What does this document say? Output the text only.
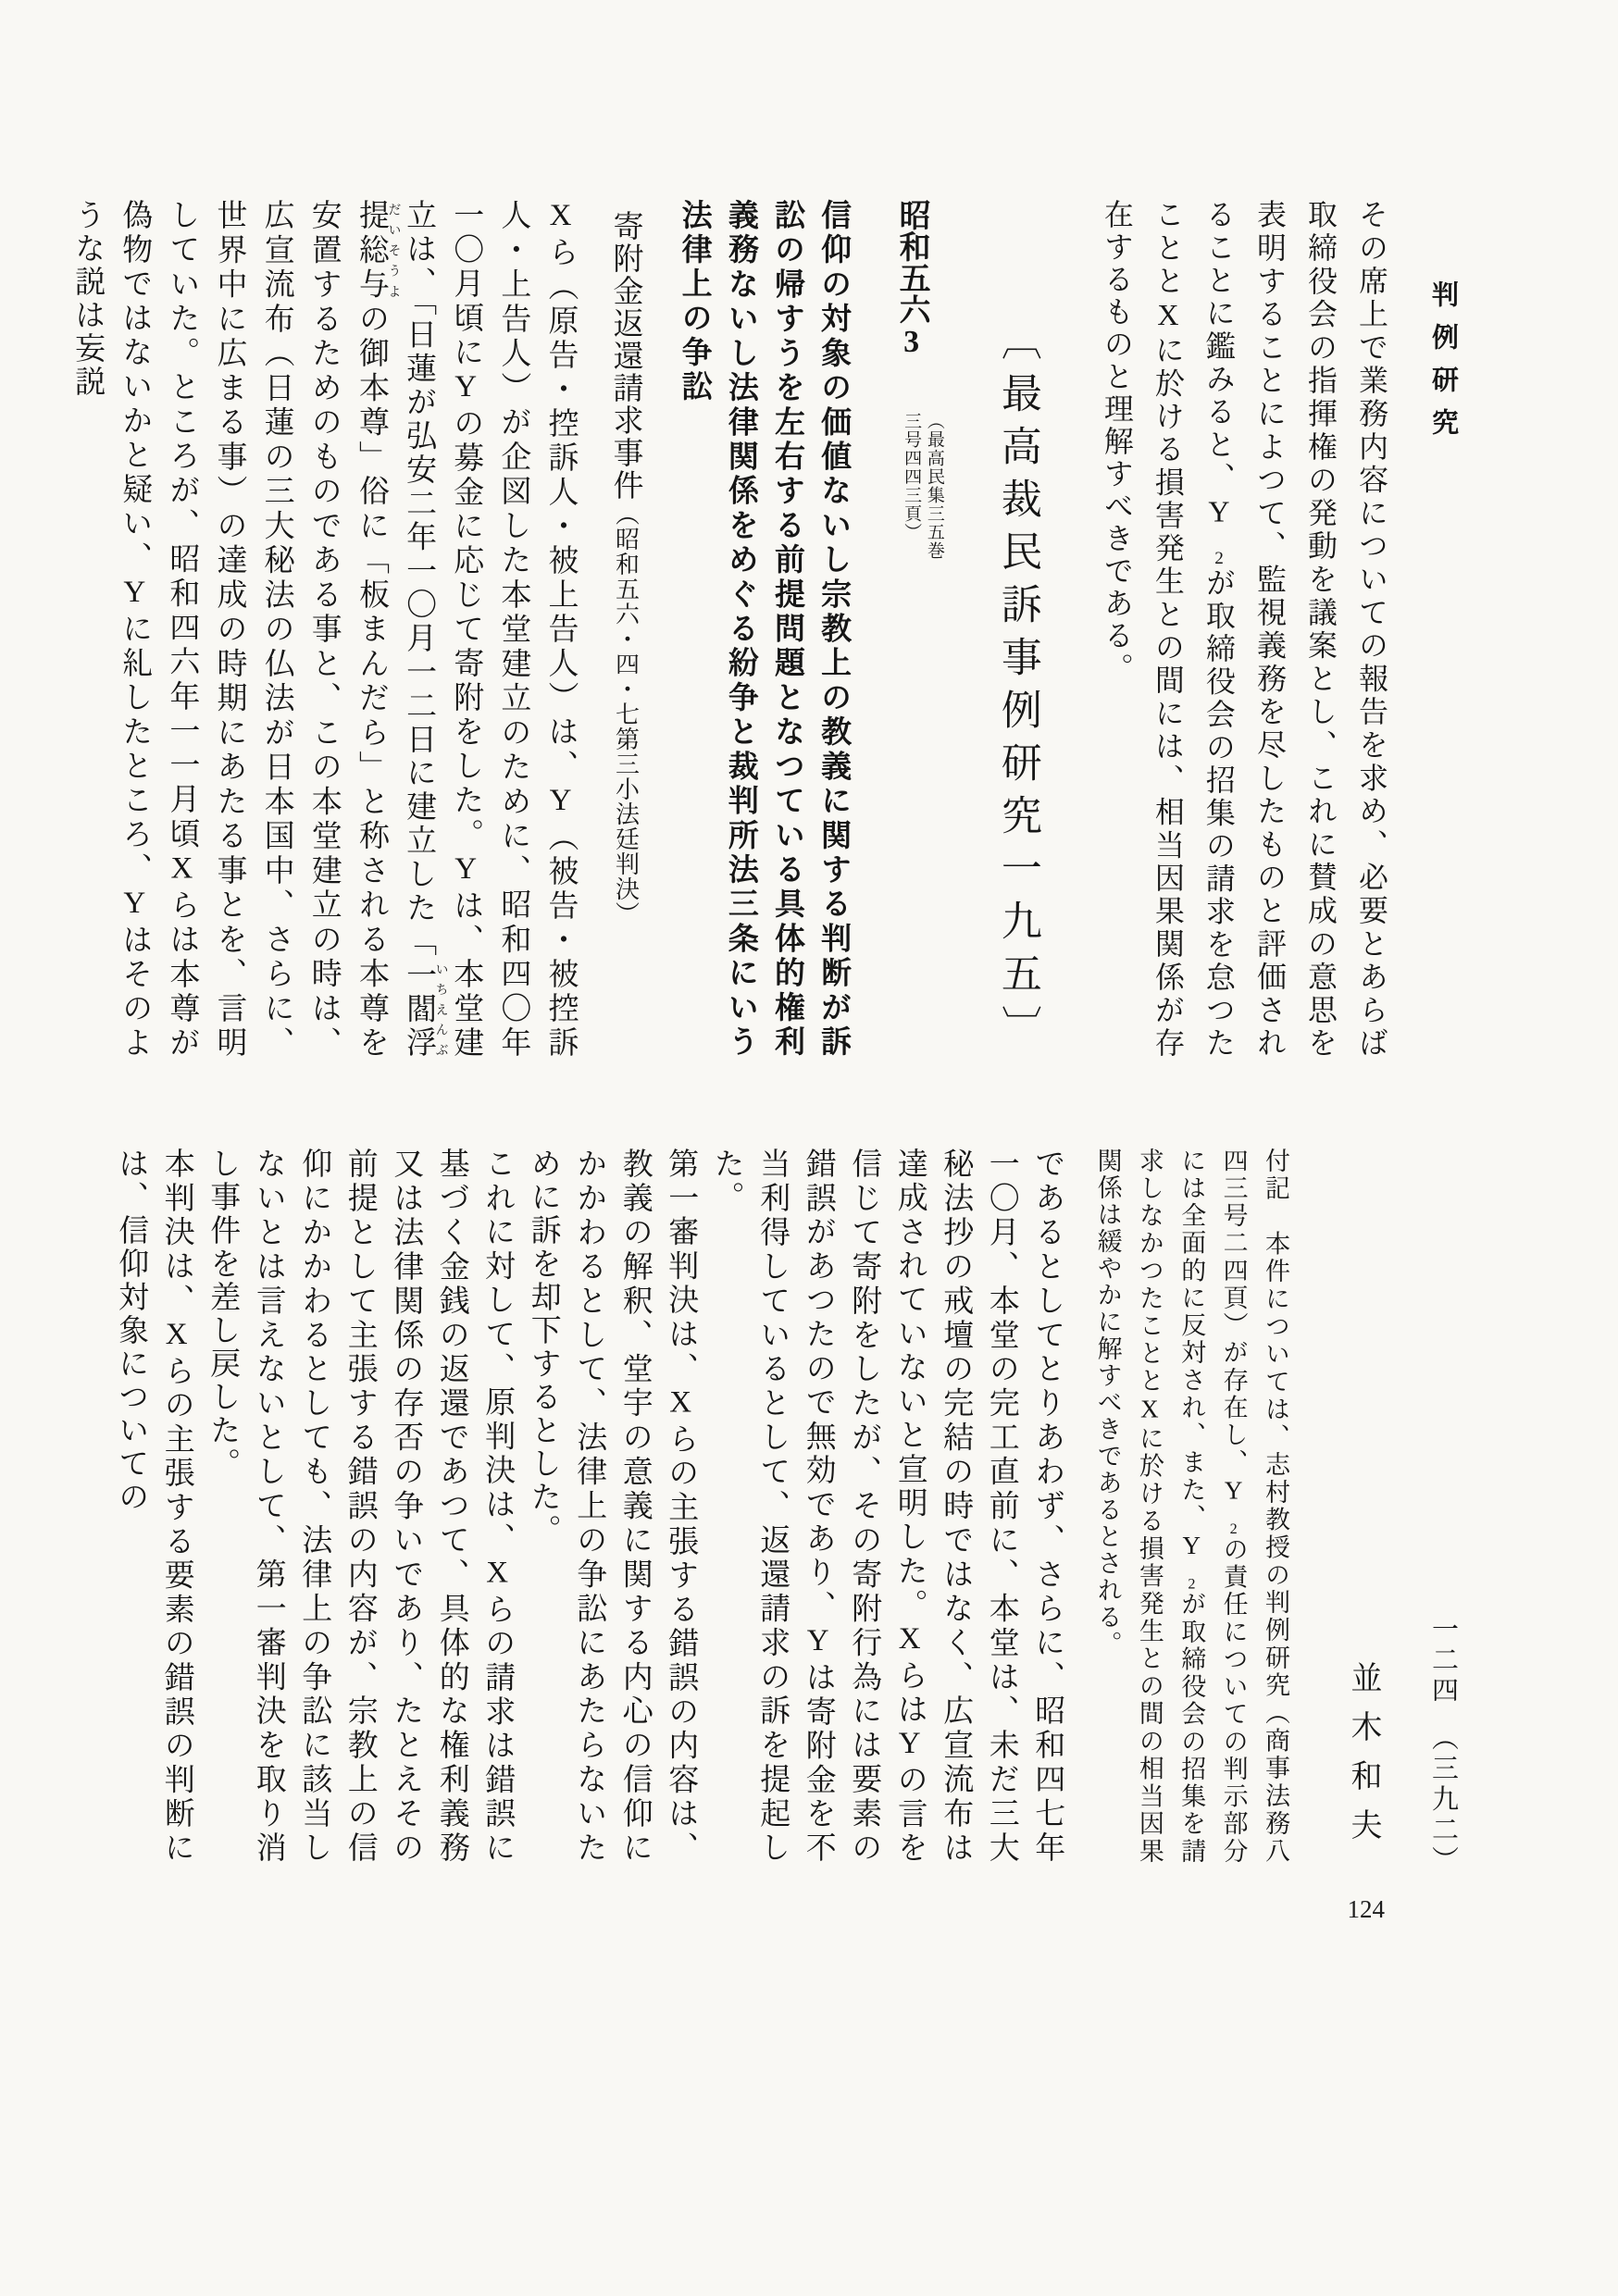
判例研究

その席上で業務内容についての報告を求め、必要とあらば取締役会の指揮権の発動を議案とし、これに賛成の意思を表明することによつて、監視義務を尽したものと評価されることに鑑みると、Y₂が取締役会の招集の請求を怠つたこととXに於ける損害発生との間には、相当因果関係が存在するものと理解すべきである。

〔最高裁民訴事例研究一九五〕
昭和五六3
（最高民集三五巻
三号四四三頁）

信仰の対象の価値ないし宗教上の教義に関する判断が訴訟の帰すうを左右する前提問題となつている具体的権利義務ないし法律関係をめぐる紛争と裁判所法三条にいう法律上の争訟

寄附金返還請求事件（昭和五六・四・七第三小法廷判決）

Xら（原告・控訴人・被上告人）は、Y（被告・被控訴人・上告人）が企図した本堂建立のために、昭和四〇年一〇月頃にYの募金に応じて寄附をした。Yは、本堂建立は、「日蓮が弘安二年一〇月一二日に建立した「一閻浮提総与いちえんぶだいそうよの御本尊」俗に「板まんだら」と称される本尊を安置するためのものである事と、この本堂建立の時は、広宣流布（日蓮の三大秘法の仏法が日本国中、さらに、世界中に広まる事）の達成の時期にあたる事とを、言明していた。ところが、昭和四六年一一月頃Xらは本尊が偽物ではないかと疑い、Yに糺したところ、Yはそのような説は妄説

一二四　（三九二）
並木和夫

付記　本件については、志村教授の判例研究（商事法務八四三号二四頁）が存在し、Y₂の責任についての判示部分には全面的に反対され、また、Y₂が取締役会の招集を請求しなかつたこととXに於ける損害発生との間の相当因果関係は緩やかに解すべきであるとされる。

であるとしてとりあわず、さらに、昭和四七年一〇月、本堂の完工直前に、本堂は、未だ三大秘法抄の戒壇の完結の時ではなく、広宣流布は達成されていないと宣明した。XらはYの言を信じて寄附をしたが、その寄附行為には要素の錯誤があつたので無効であり、Yは寄附金を不当利得しているとして、返還請求の訴を提起した。

第一審判決は、Xらの主張する錯誤の内容は、教義の解釈、堂宇の意義に関する内心の信仰にかかわるとして、法律上の争訟にあたらないために訴を却下するとした。

これに対して、原判決は、Xらの請求は錯誤に基づく金銭の返還であつて、具体的な権利義務又は法律関係の存否の争いであり、たとえその前提として主張する錯誤の内容が、宗教上の信仰にかかわるとしても、法律上の争訟に該当しないとは言えないとして、第一審判決を取り消し事件を差し戻した。

本判決は、Xらの主張する要素の錯誤の判断には、信仰対象についての

124
